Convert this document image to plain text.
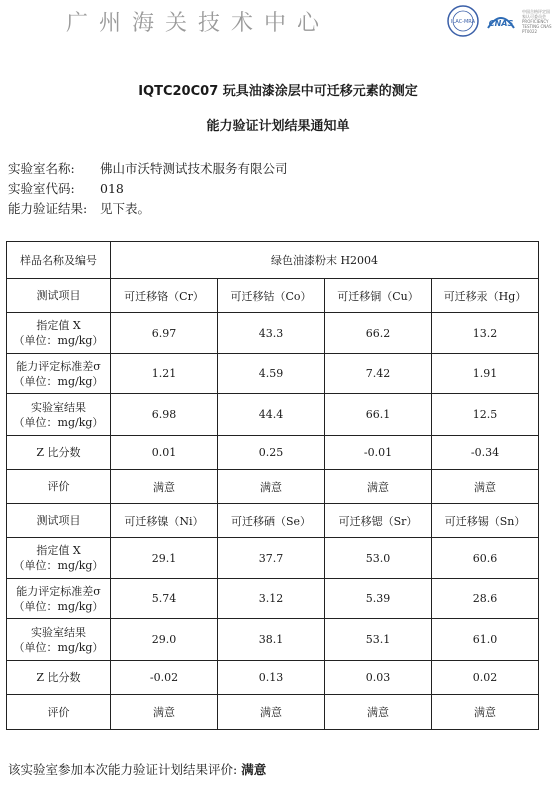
广州海关技术中心	ILAC-MRA CNAS
中国合格评定国家认可委员会 PROFICIENCY TESTING CNAS PT0022
IQTC20C07 玩具油漆涂层中可迁移元素的测定
能力验证计划结果通知单
实验室名称: 佛山市沃特测试技术服务有限公司
实验室代码: 018
能力验证结果: 见下表。
样品名称及编号	绿色油漆粉末 H2004			
测试项目	可迁移铬（Cr）	可迁移钴（Co）	可迁移铜（Cu）	可迁移汞（Hg）

指定值 X
（单位：mg/kg）	6.97	43.3	66.2	13.2

能力评定标准差σ
（单位：mg/kg）	1.21	4.59	7.42	1.91

实验室结果
（单位：mg/kg）	6.98	44.4	66.1	12.5

Z 比分数	0.01	0.25	-0.01	-0.34

评价	满意	满意	满意	满意
测试项目	可迁移镍（Ni）	可迁移硒（Se）	可迁移锶（Sr）	可迁移锡（Sn）

指定值 X
（单位：mg/kg）	29.1	37.7	53.0	60.6

能力评定标准差σ
（单位：mg/kg）	5.74	3.12	5.39	28.6

实验室结果
（单位：mg/kg）	29.0	38.1	53.1	61.0

Z 比分数	-0.02	0.13	0.03	0.02

评价	满意	满意	满意	满意
该实验室参加本次能力验证计划结果评价: 满意
